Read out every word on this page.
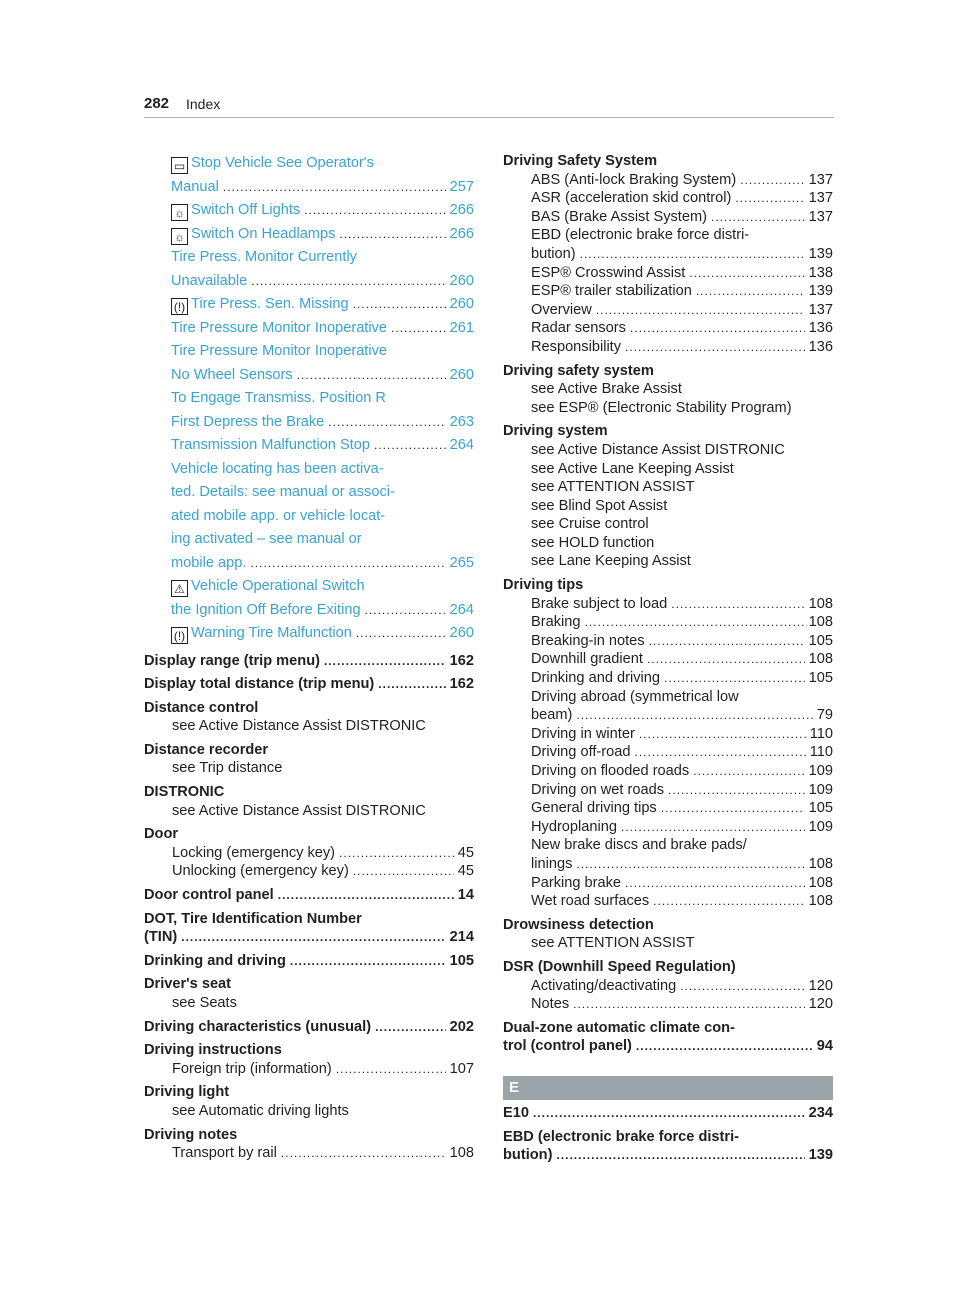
282 Index
▭ Stop Vehicle See Operator's
Manual .....	257
☼ Switch Off Lights .....	266
☼ Switch On Headlamps .....	266
Tire Press. Monitor Currently
Unavailable .....	260
(!) Tire Press. Sen. Missing .....	260
Tire Pressure Monitor Inoperative .....	261
Tire Pressure Monitor Inoperative
No Wheel Sensors .....	260
To Engage Transmiss. Position R
First Depress the Brake .....	263
Transmission Malfunction Stop .....	264
Vehicle locating has been activa-
ted. Details: see manual or associ-
ated mobile app. or vehicle locat-
ing activated – see manual or
mobile app. .....	265
⚠ Vehicle Operational Switch
the Ignition Off Before Exiting .....	264
(!) Warning Tire Malfunction .....	260
Display range (trip menu) .....	162
Display total distance (trip menu) .....	162
Distance control
see Active Distance Assist DISTRONIC
Distance recorder
see Trip distance
DISTRONIC
see Active Distance Assist DISTRONIC
Door
Locking (emergency key) .....	45
Unlocking (emergency key) .....	45
Door control panel .....	14
DOT, Tire Identification Number
(TIN) .....	214
Drinking and driving .....	105
Driver's seat
see Seats
Driving characteristics (unusual) .....	202
Driving instructions
Foreign trip (information) .....	107
Driving light
see Automatic driving lights
Driving notes
Transport by rail .....	108
Driving Safety System
ABS (Anti-lock Braking System) .....	137
ASR (acceleration skid control) .....	137
BAS (Brake Assist System) .....	137
EBD (electronic brake force distri-
bution) .....	139
ESP® Crosswind Assist .....	138
ESP® trailer stabilization .....	139
Overview .....	137
Radar sensors .....	136
Responsibility .....	136
Driving safety system
see Active Brake Assist
see ESP® (Electronic Stability Program)
Driving system
see Active Distance Assist DISTRONIC
see Active Lane Keeping Assist
see ATTENTION ASSIST
see Blind Spot Assist
see Cruise control
see HOLD function
see Lane Keeping Assist
Driving tips
Brake subject to load .....	108
Braking .....	108
Breaking-in notes .....	105
Downhill gradient .....	108
Drinking and driving .....	105
Driving abroad (symmetrical low
beam) .....	79
Driving in winter .....	110
Driving off-road .....	110
Driving on flooded roads .....	109
Driving on wet roads .....	109
General driving tips .....	105
Hydroplaning .....	109
New brake discs and brake pads/
linings .....	108
Parking brake .....	108
Wet road surfaces .....	108
Drowsiness detection
see ATTENTION ASSIST
DSR (Downhill Speed Regulation)
Activating/deactivating .....	120
Notes .....	120
Dual-zone automatic climate con-
trol (control panel) .....	94
E
E10 .....	234
EBD (electronic brake force distri-
bution) .....	139
